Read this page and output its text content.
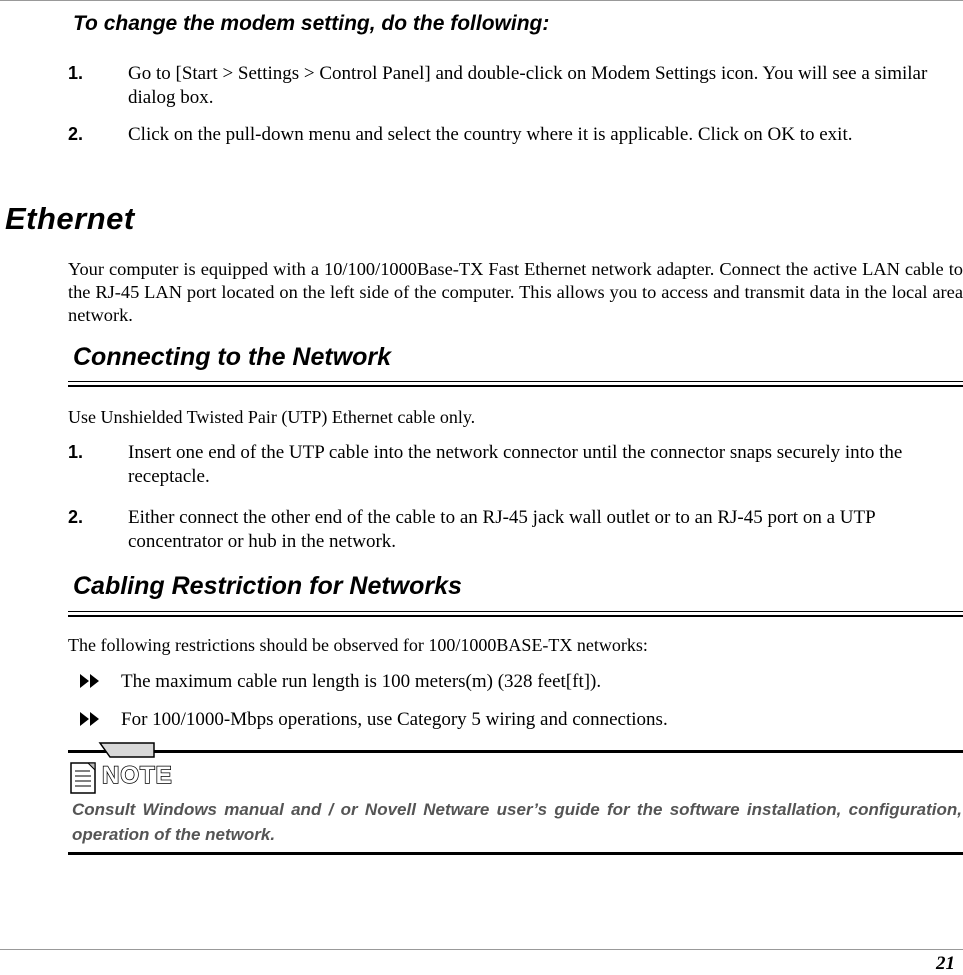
To change the modem setting, do the following:

1. Go to [Start > Settings > Control Panel] and double-click on Modem Settings icon. You will see a similar dialog box.

2. Click on the pull-down menu and select the country where it is applicable. Click on OK to exit.

Ethernet

Your computer is equipped with a 10/100/1000Base-TX Fast Ethernet network adapter. Connect the active LAN cable to the RJ-45 LAN port located on the left side of the computer. This allows you to access and transmit data in the local area network.

Connecting to the Network

Use Unshielded Twisted Pair (UTP) Ethernet cable only.

1. Insert one end of the UTP cable into the network connector until the connector snaps securely into the receptacle.

2. Either connect the other end of the cable to an RJ-45 jack wall outlet or to an RJ-45 port on a UTP concentrator or hub in the network.

Cabling Restriction for Networks

The following restrictions should be observed for 100/1000BASE-TX networks:

The maximum cable run length is 100 meters(m) (328 feet[ft]).

For 100/1000-Mbps operations, use Category 5 wiring and connections.

NOTE

Consult Windows manual and / or Novell Netware user’s guide for the software installation, configuration, operation of the network.

21
